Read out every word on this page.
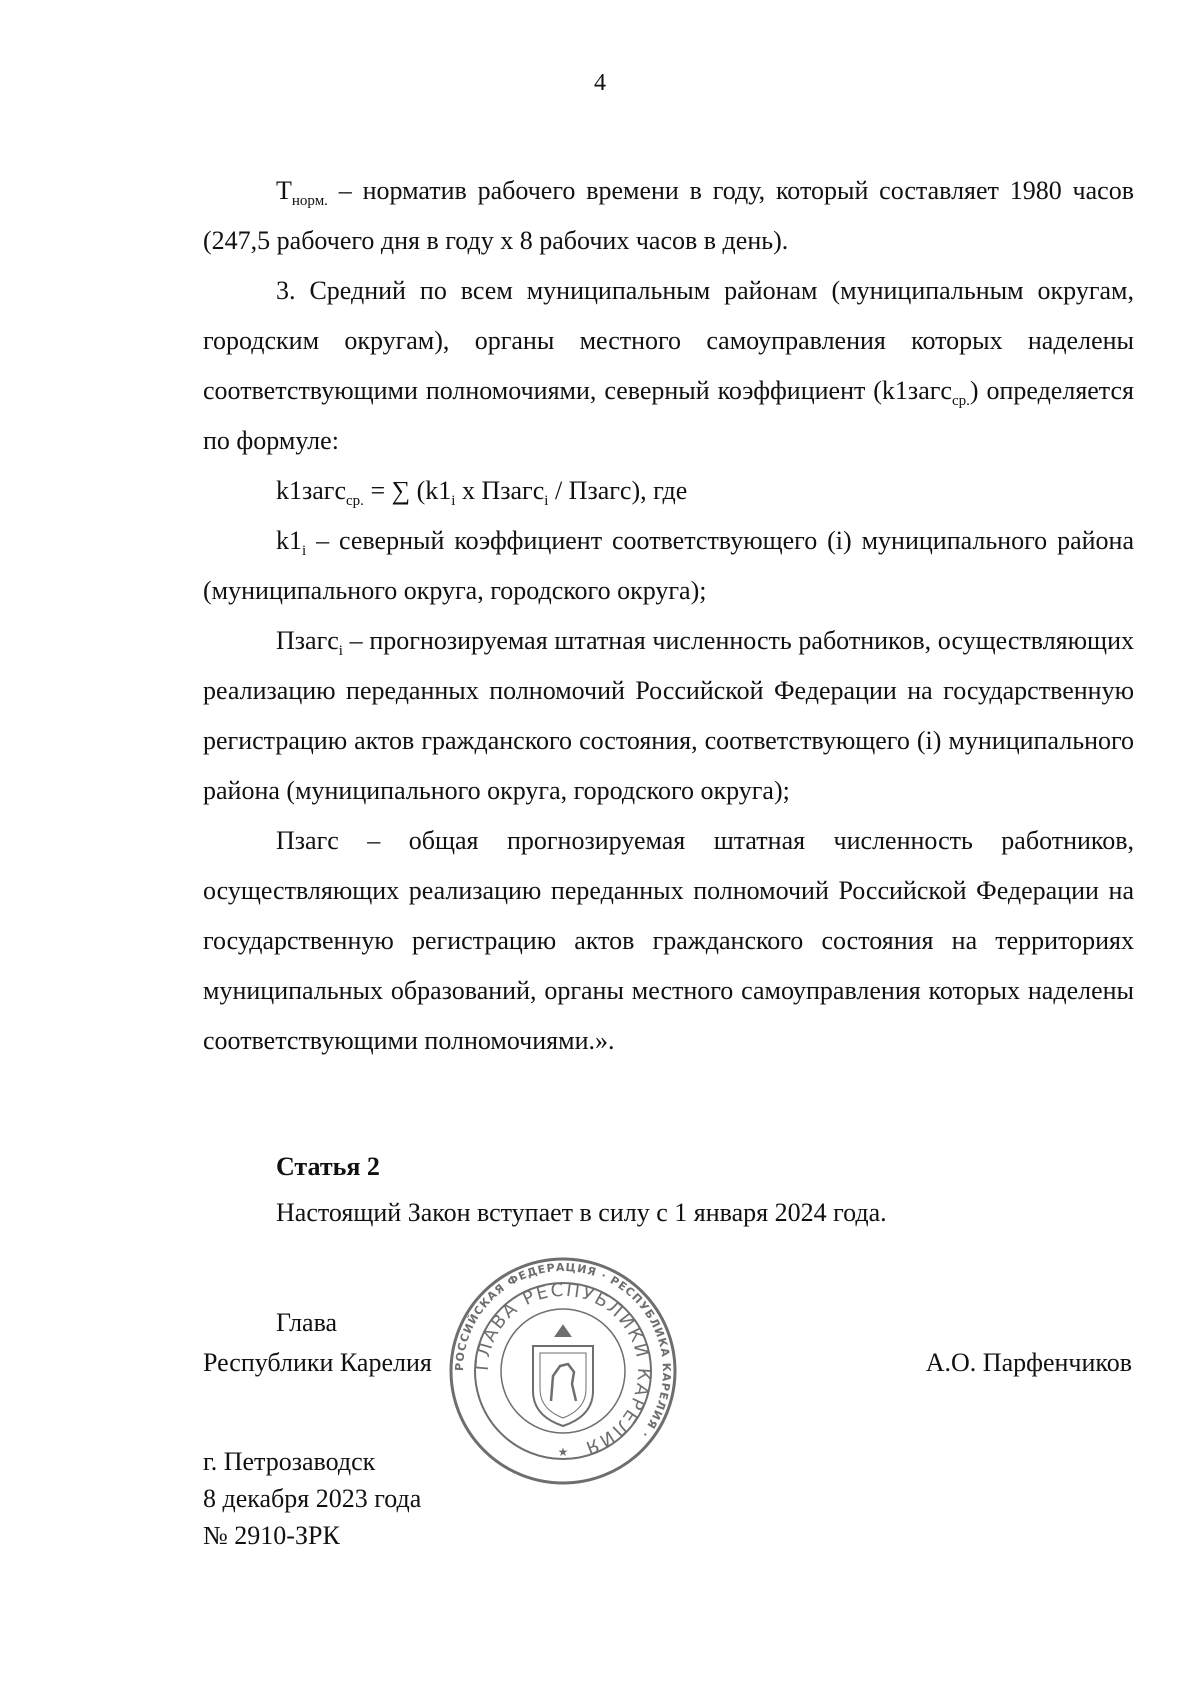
4

$Т_{норм.}$ – норматив рабочего времени в году, который составляет 1980 часов (247,5 рабочего дня в году х 8 рабочих часов в день).

3. Средний по всем муниципальным районам (муниципальным округам, городским округам), органы местного самоуправления которых наделены соответствующими полномочиями, северный коэффициент (k1загс$_{ср.}$) определяется по формуле:

k1загс$_{ср.}$ = ∑ ($k1_i$ х Пзагс$_i$ / Пзагс), где

$k1_i$ – северный коэффициент соответствующего (i) муниципального района (муниципального округа, городского округа);

Пзагс$_i$ – прогнозируемая штатная численность работников, осуществляющих реализацию переданных полномочий Российской Федерации на государственную регистрацию актов гражданского состояния, соответствующего (i) муниципального района (муниципального округа, городского округа);

Пзагс – общая прогнозируемая штатная численность работников, осуществляющих реализацию переданных полномочий Российской Федерации на государственную регистрацию актов гражданского состояния на территориях муниципальных образований, органы местного самоуправления которых наделены соответствующими полномочиями.».

Статья 2
Настоящий Закон вступает в силу с 1 января 2024 года.
Глава
Республики Карелия	А.О. Парфенчиков
РОССИЙСКАЯ ФЕДЕРАЦИЯ · РЕСПУБЛИКА КАРЕЛИЯ ·
ГЛАВА РЕСПУБЛИКИ КАРЕЛИЯ
★
г. Петрозаводск
8 декабря 2023 года
№ 2910-ЗРК
